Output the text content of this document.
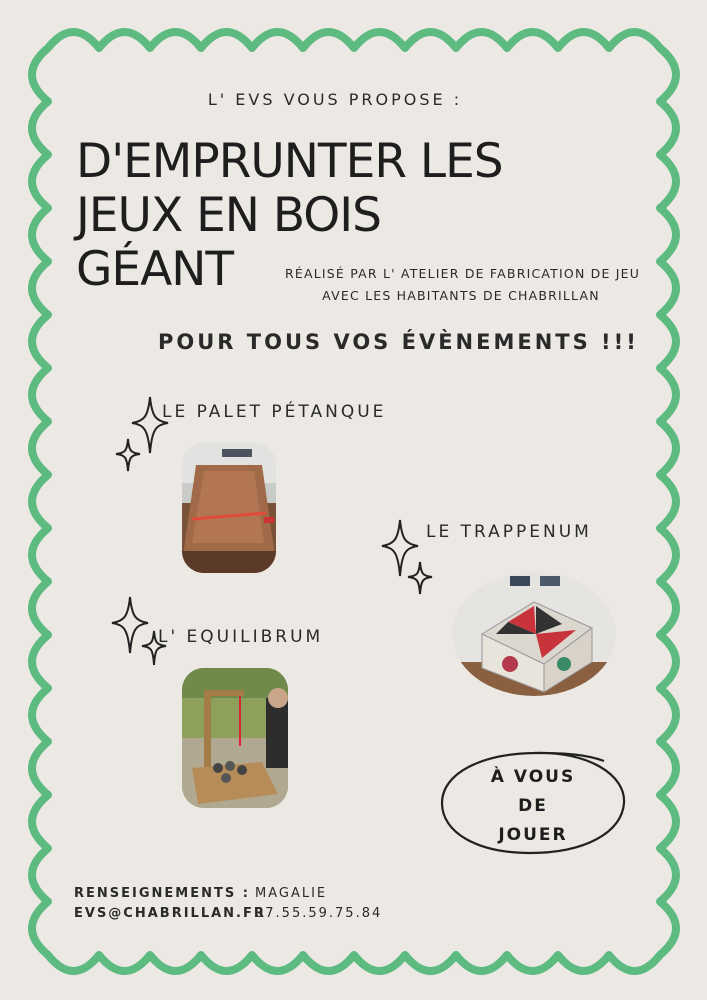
L' EVS VOUS PROPOSE :
D'EMPRUNTER LES
JEUX EN BOIS
GÉANT	RÉALISÉ PAR L' ATELIER DE FABRICATION DE JEU
AVEC LES HABITANTS DE CHABRILLAN
POUR TOUS VOS ÉVÈNEMENTS !!!
LE PALET PÉTANQUE
LE TRAPPENUM
L' EQUILIBRUM
À VOUS
DE
JOUER
RENSEIGNEMENTS :
EVS@CHABRILLAN.FR
MAGALIE
07.55.59.75.84
